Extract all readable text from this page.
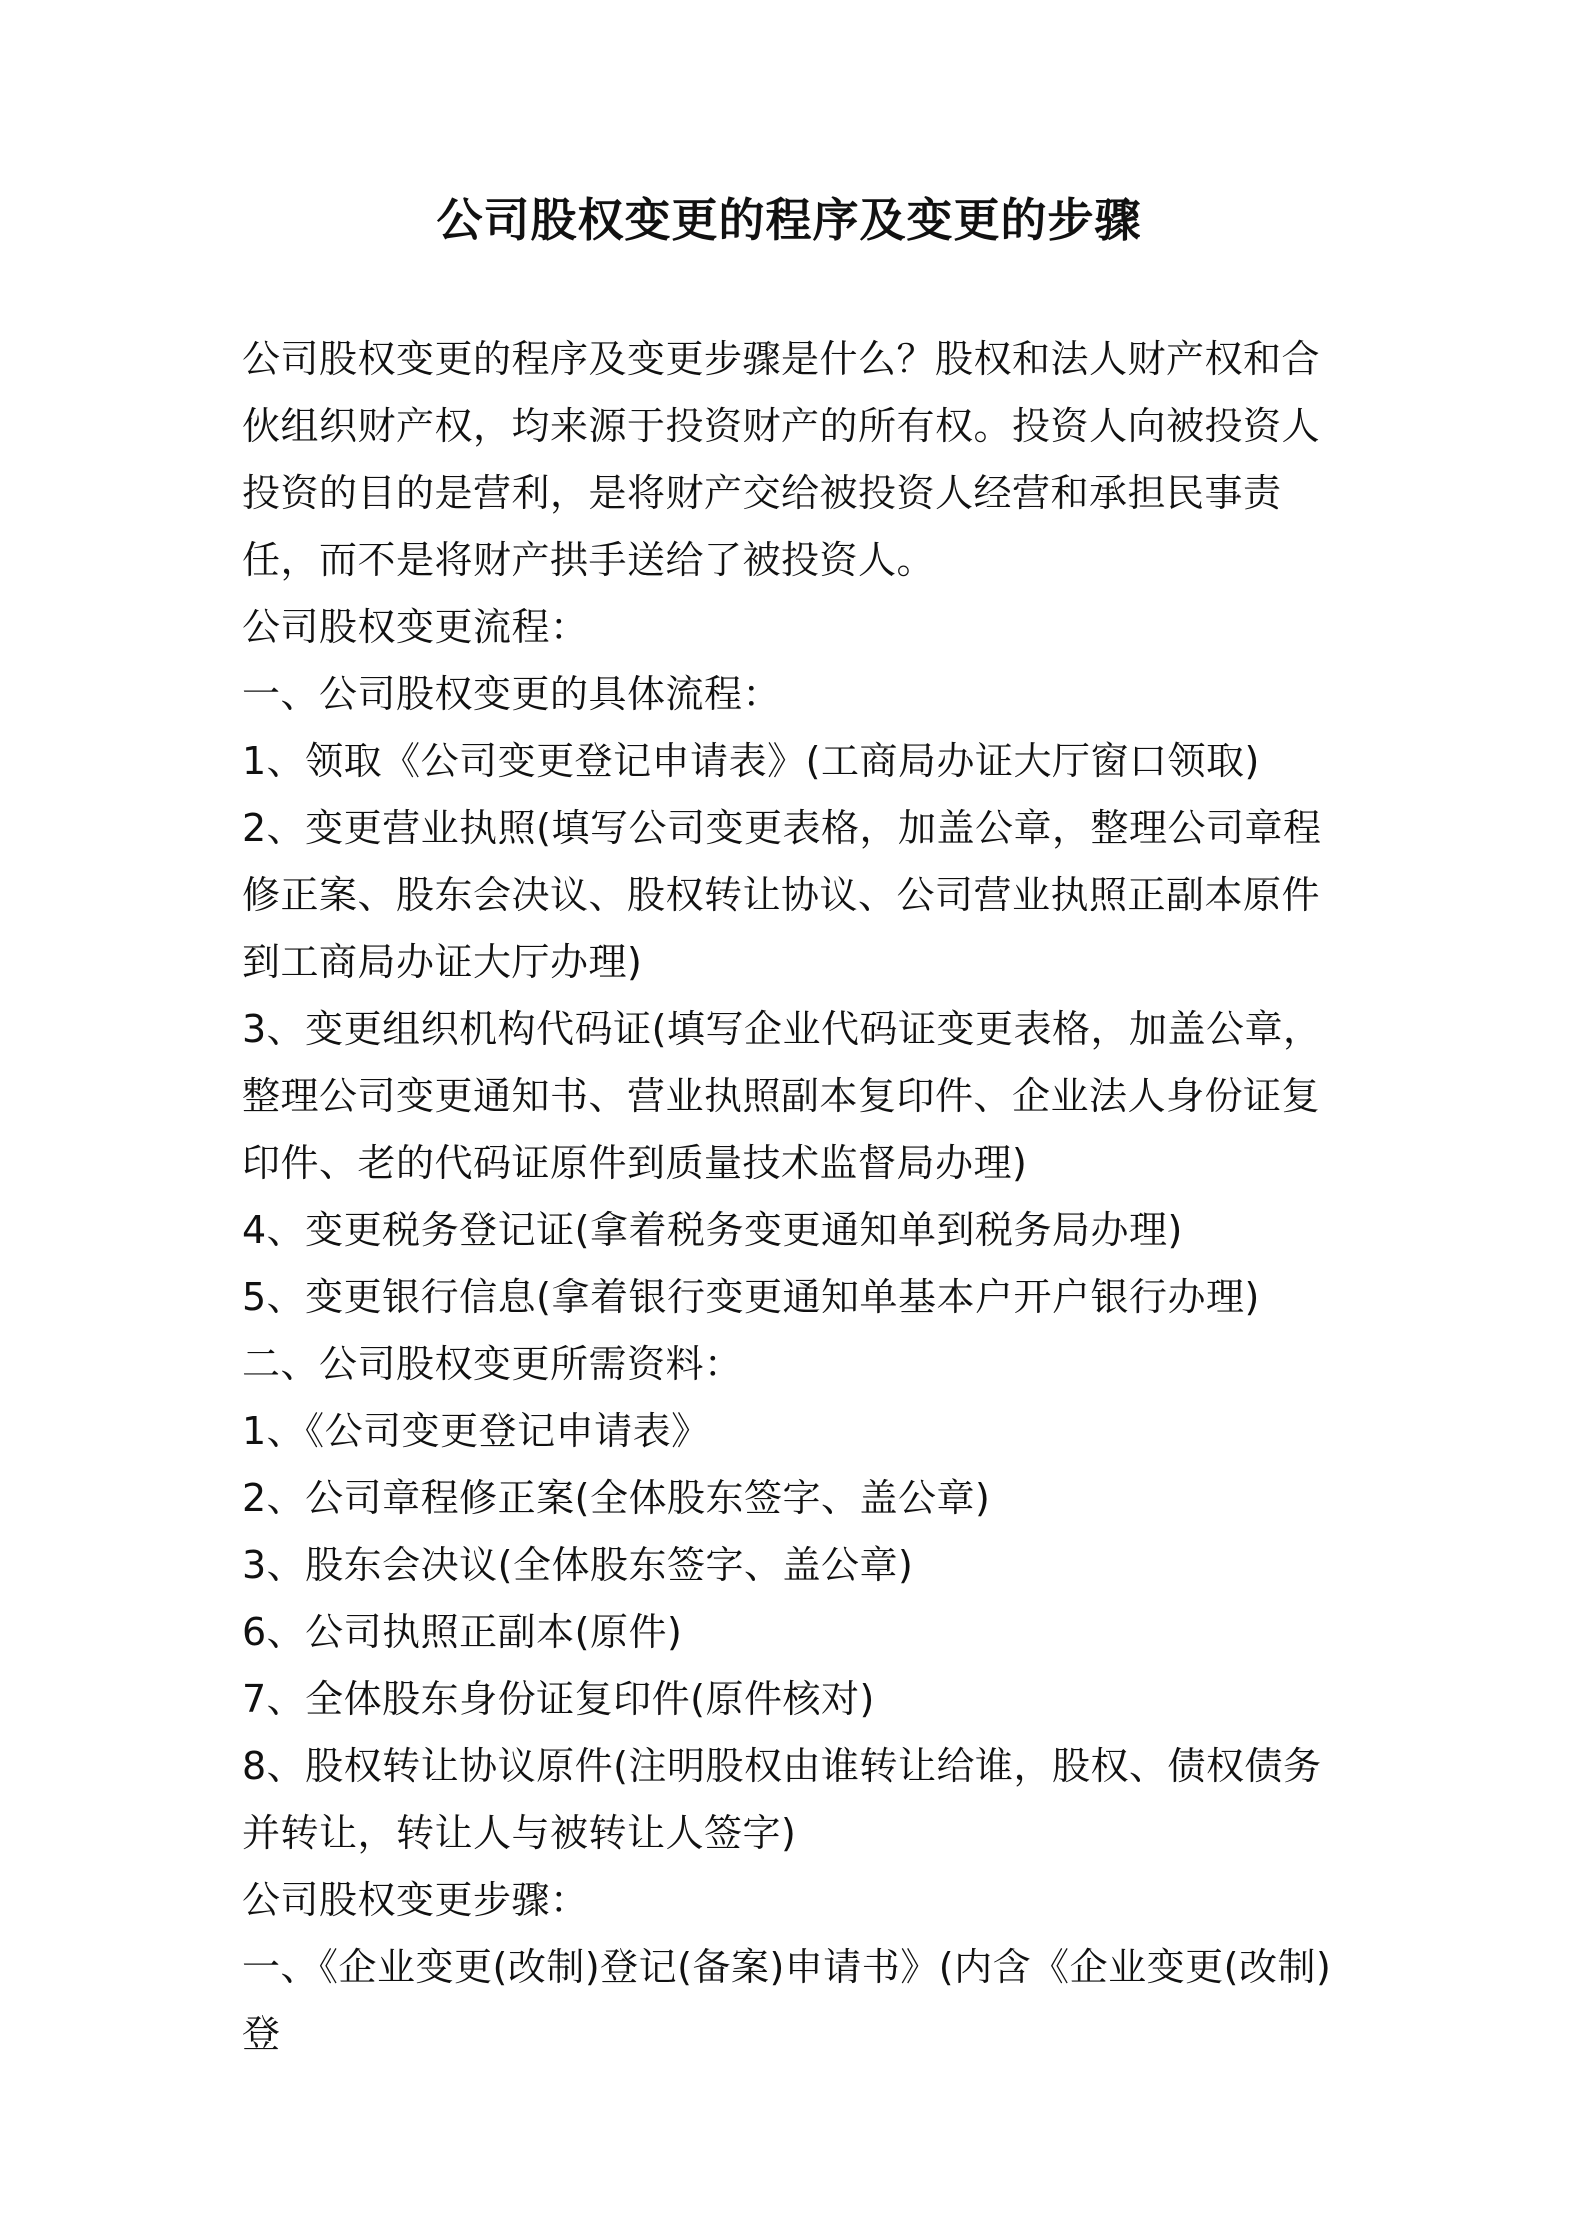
公司股权变更的程序及变更的步骤

公司股权变更的程序及变更步骤是什么？股权和法人财产权和合伙组织财产权，均来源于投资财产的所有权。投资人向被投资人投资的目的是营利，是将财产交给被投资人经营和承担民事责任，而不是将财产拱手送给了被投资人。

公司股权变更流程：

一、公司股权变更的具体流程：

1、领取《公司变更登记申请表》(工商局办证大厅窗口领取)

2、变更营业执照(填写公司变更表格，加盖公章，整理公司章程修正案、股东会决议、股权转让协议、公司营业执照正副本原件到工商局办证大厅办理)

3、变更组织机构代码证(填写企业代码证变更表格，加盖公章，整理公司变更通知书、营业执照副本复印件、企业法人身份证复印件、老的代码证原件到质量技术监督局办理)

4、变更税务登记证(拿着税务变更通知单到税务局办理)

5、变更银行信息(拿着银行变更通知单基本户开户银行办理)

二、公司股权变更所需资料：

1、《公司变更登记申请表》

2、公司章程修正案(全体股东签字、盖公章)

3、股东会决议(全体股东签字、盖公章)

6、公司执照正副本(原件)

7、全体股东身份证复印件(原件核对)

8、股权转让协议原件(注明股权由谁转让给谁，股权、债权债务并转让，转让人与被转让人签字)

公司股权变更步骤：

一、《企业变更(改制)登记(备案)申请书》(内含《企业变更(改制)登
